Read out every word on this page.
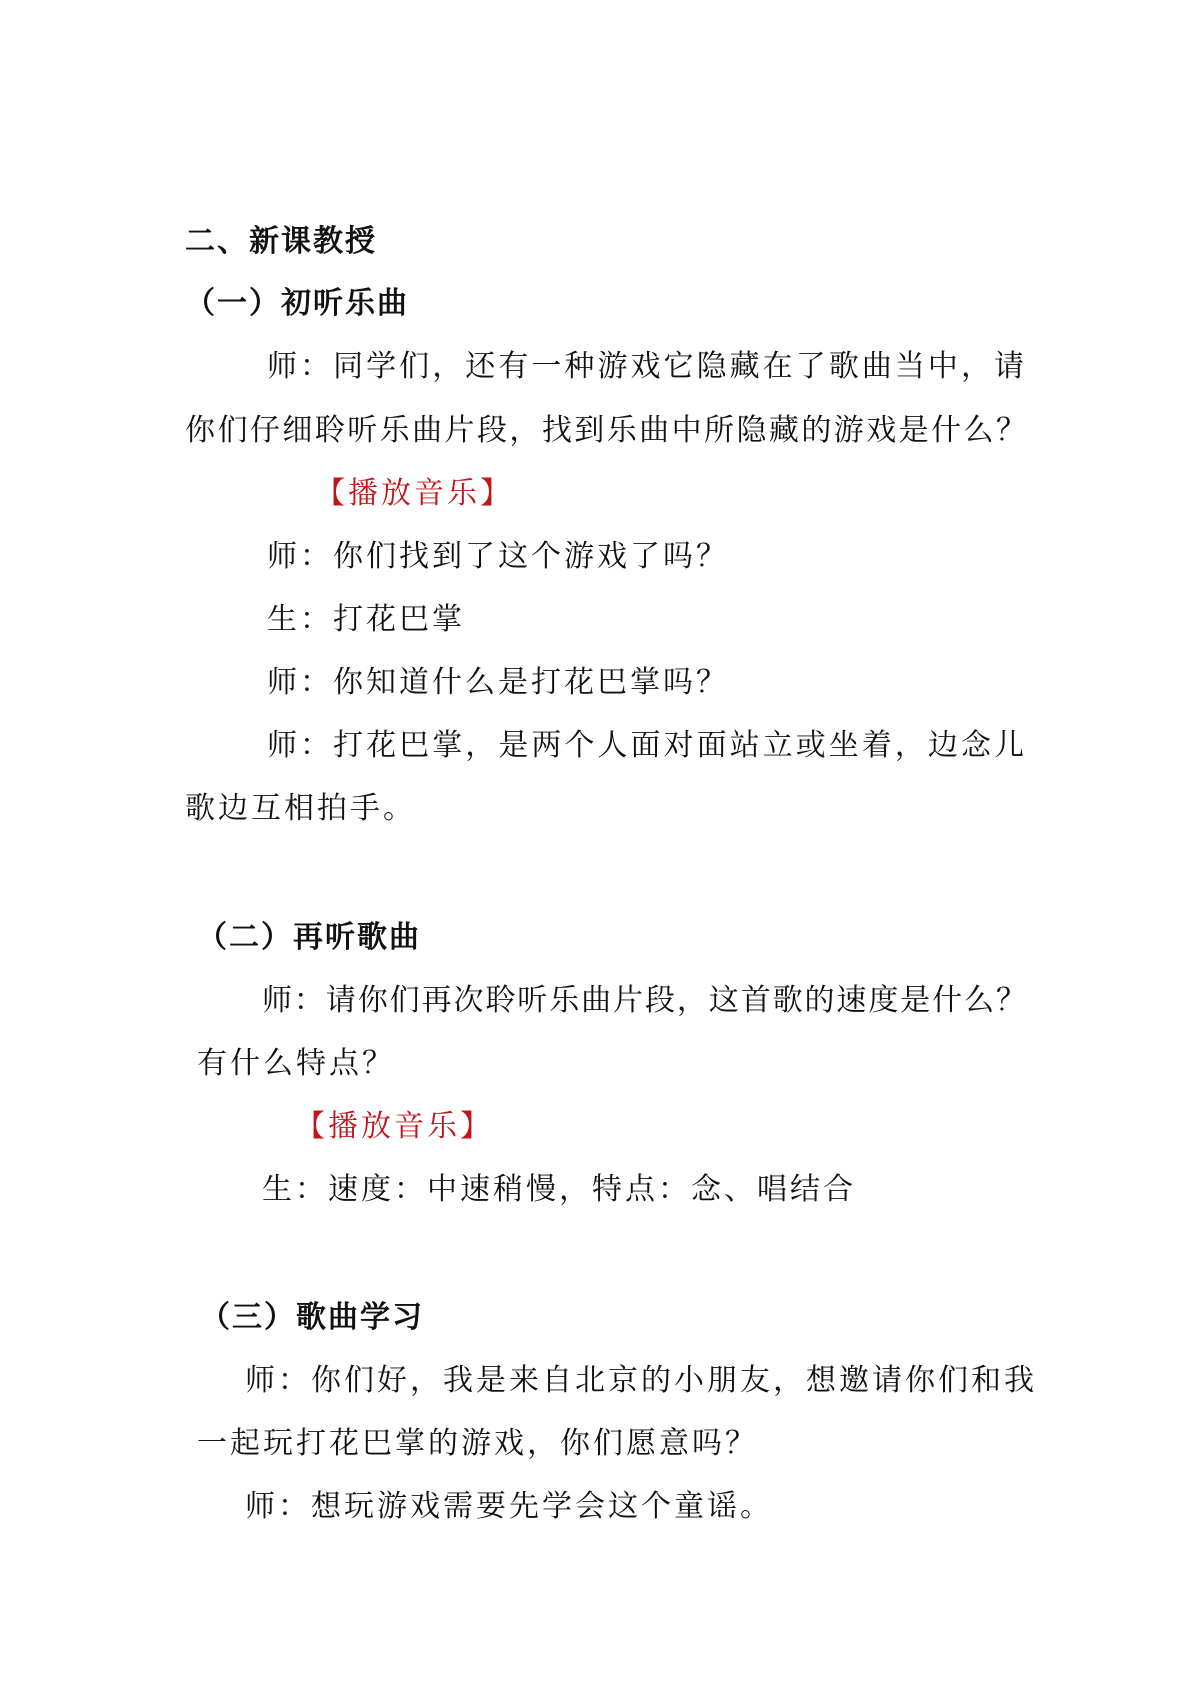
二、新课教授
（一）初听乐曲
师：同学们，还有一种游戏它隐藏在了歌曲当中，请
你们仔细聆听乐曲片段，找到乐曲中所隐藏的游戏是什么？
【播放音乐】
师：你们找到了这个游戏了吗？
生：打花巴掌
师：你知道什么是打花巴掌吗？
师：打花巴掌，是两个人面对面站立或坐着，边念儿
歌边互相拍手。
（二）再听歌曲
师：请你们再次聆听乐曲片段，这首歌的速度是什么？
有什么特点？
【播放音乐】
生：速度：中速稍慢，特点：念、唱结合
（三）歌曲学习
师：你们好，我是来自北京的小朋友，想邀请你们和我
一起玩打花巴掌的游戏，你们愿意吗？
师：想玩游戏需要先学会这个童谣。
